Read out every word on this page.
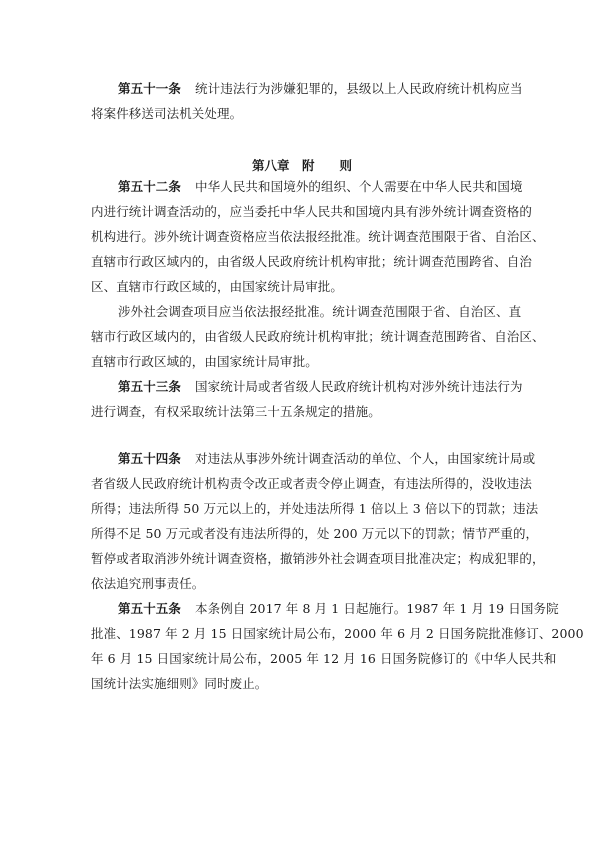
第五十一条 统计违法行为涉嫌犯罪的，县级以上人民政府统计机构应当
将案件移送司法机关处理。
第八章　附　　则
第五十二条 中华人民共和国境外的组织、个人需要在中华人民共和国境
内进行统计调查活动的，应当委托中华人民共和国境内具有涉外统计调查资格的
机构进行。涉外统计调查资格应当依法报经批准。统计调查范围限于省、自治区、
直辖市行政区域内的，由省级人民政府统计机构审批；统计调查范围跨省、自治
区、直辖市行政区域的，由国家统计局审批。
涉外社会调查项目应当依法报经批准。统计调查范围限于省、自治区、直
辖市行政区域内的，由省级人民政府统计机构审批；统计调查范围跨省、自治区、
直辖市行政区域的，由国家统计局审批。
第五十三条 国家统计局或者省级人民政府统计机构对涉外统计违法行为
进行调查，有权采取统计法第三十五条规定的措施。
第五十四条 对违法从事涉外统计调查活动的单位、个人，由国家统计局或
者省级人民政府统计机构责令改正或者责令停止调查，有违法所得的，没收违法
所得；违法所得 50 万元以上的，并处违法所得 1 倍以上 3 倍以下的罚款；违法
所得不足 50 万元或者没有违法所得的，处 200 万元以下的罚款；情节严重的，
暂停或者取消涉外统计调查资格，撤销涉外社会调查项目批准决定；构成犯罪的，
依法追究刑事责任。
第五十五条 本条例自 2017 年 8 月 1 日起施行。1987 年 1 月 19 日国务院
批准、1987 年 2 月 15 日国家统计局公布，2000 年 6 月 2 日国务院批准修订、2000
年 6 月 15 日国家统计局公布，2005 年 12 月 16 日国务院修订的《中华人民共和
国统计法实施细则》同时废止。
